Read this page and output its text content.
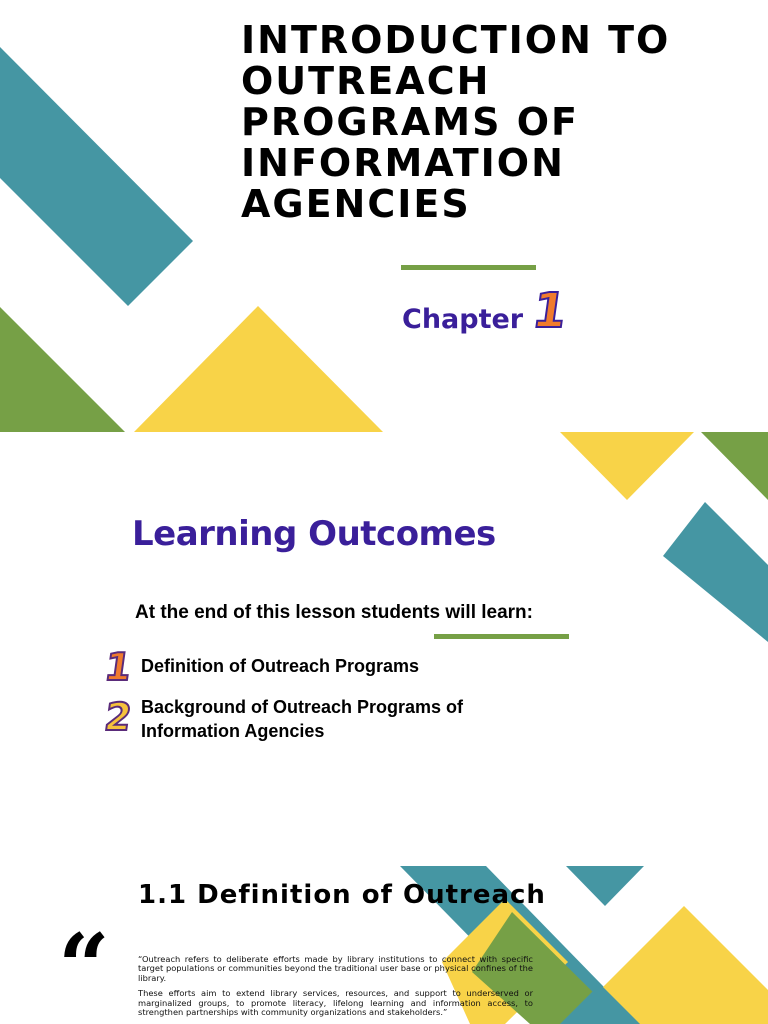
INTRODUCTION TO
OUTREACH
PROGRAMS OF
INFORMATION
AGENCIES
Chapter 1
Learning Outcomes

At the end of this lesson students will learn:

1 Definition of Outreach Programs
2 Background of Outreach Programs of
Information Agencies
1.1 Definition of Outreach
“	“Outreach refers to deliberate efforts made by library institutions to connect with specific target populations or communities beyond the traditional user base or physical confines of the library.

These efforts aim to extend library services, resources, and support to underserved or marginalized groups, to promote literacy, lifelong learning and information access, to strengthen partnerships with community organizations and stakeholders.”
